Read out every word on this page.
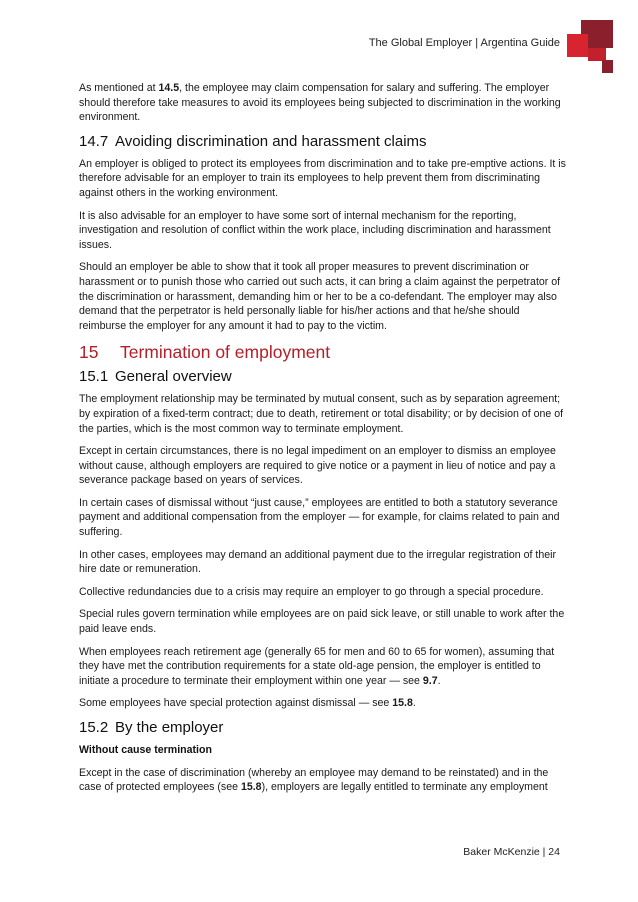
The Global Employer | Argentina Guide

As mentioned at 14.5, the employee may claim compensation for salary and suffering. The employer should therefore take measures to avoid its employees being subjected to discrimination in the working environment.

14.7 Avoiding discrimination and harassment claims

An employer is obliged to protect its employees from discrimination and to take pre-emptive actions. It is therefore advisable for an employer to train its employees to help prevent them from discriminating against others in the working environment.

It is also advisable for an employer to have some sort of internal mechanism for the reporting, investigation and resolution of conflict within the work place, including discrimination and harassment issues.

Should an employer be able to show that it took all proper measures to prevent discrimination or harassment or to punish those who carried out such acts, it can bring a claim against the perpetrator of the discrimination or harassment, demanding him or her to be a co-defendant. The employer may also demand that the perpetrator is held personally liable for his/her actions and that he/she should reimburse the employer for any amount it had to pay to the victim.

15 Termination of employment
15.1 General overview

The employment relationship may be terminated by mutual consent, such as by separation agreement; by expiration of a fixed-term contract; due to death, retirement or total disability; or by decision of one of the parties, which is the most common way to terminate employment.

Except in certain circumstances, there is no legal impediment on an employer to dismiss an employee without cause, although employers are required to give notice or a payment in lieu of notice and pay a severance package based on years of services.

In certain cases of dismissal without “just cause,” employees are entitled to both a statutory severance payment and additional compensation from the employer — for example, for claims related to pain and suffering.

In other cases, employees may demand an additional payment due to the irregular registration of their hire date or remuneration.

Collective redundancies due to a crisis may require an employer to go through a special procedure.

Special rules govern termination while employees are on paid sick leave, or still unable to work after the paid leave ends.

When employees reach retirement age (generally 65 for men and 60 to 65 for women), assuming that they have met the contribution requirements for a state old-age pension, the employer is entitled to initiate a procedure to terminate their employment within one year — see 9.7.

Some employees have special protection against dismissal — see 15.8.

15.2 By the employer
Without cause termination

Except in the case of discrimination (whereby an employee may demand to be reinstated) and in the case of protected employees (see 15.8), employers are legally entitled to terminate any employment

Baker McKenzie | 24
